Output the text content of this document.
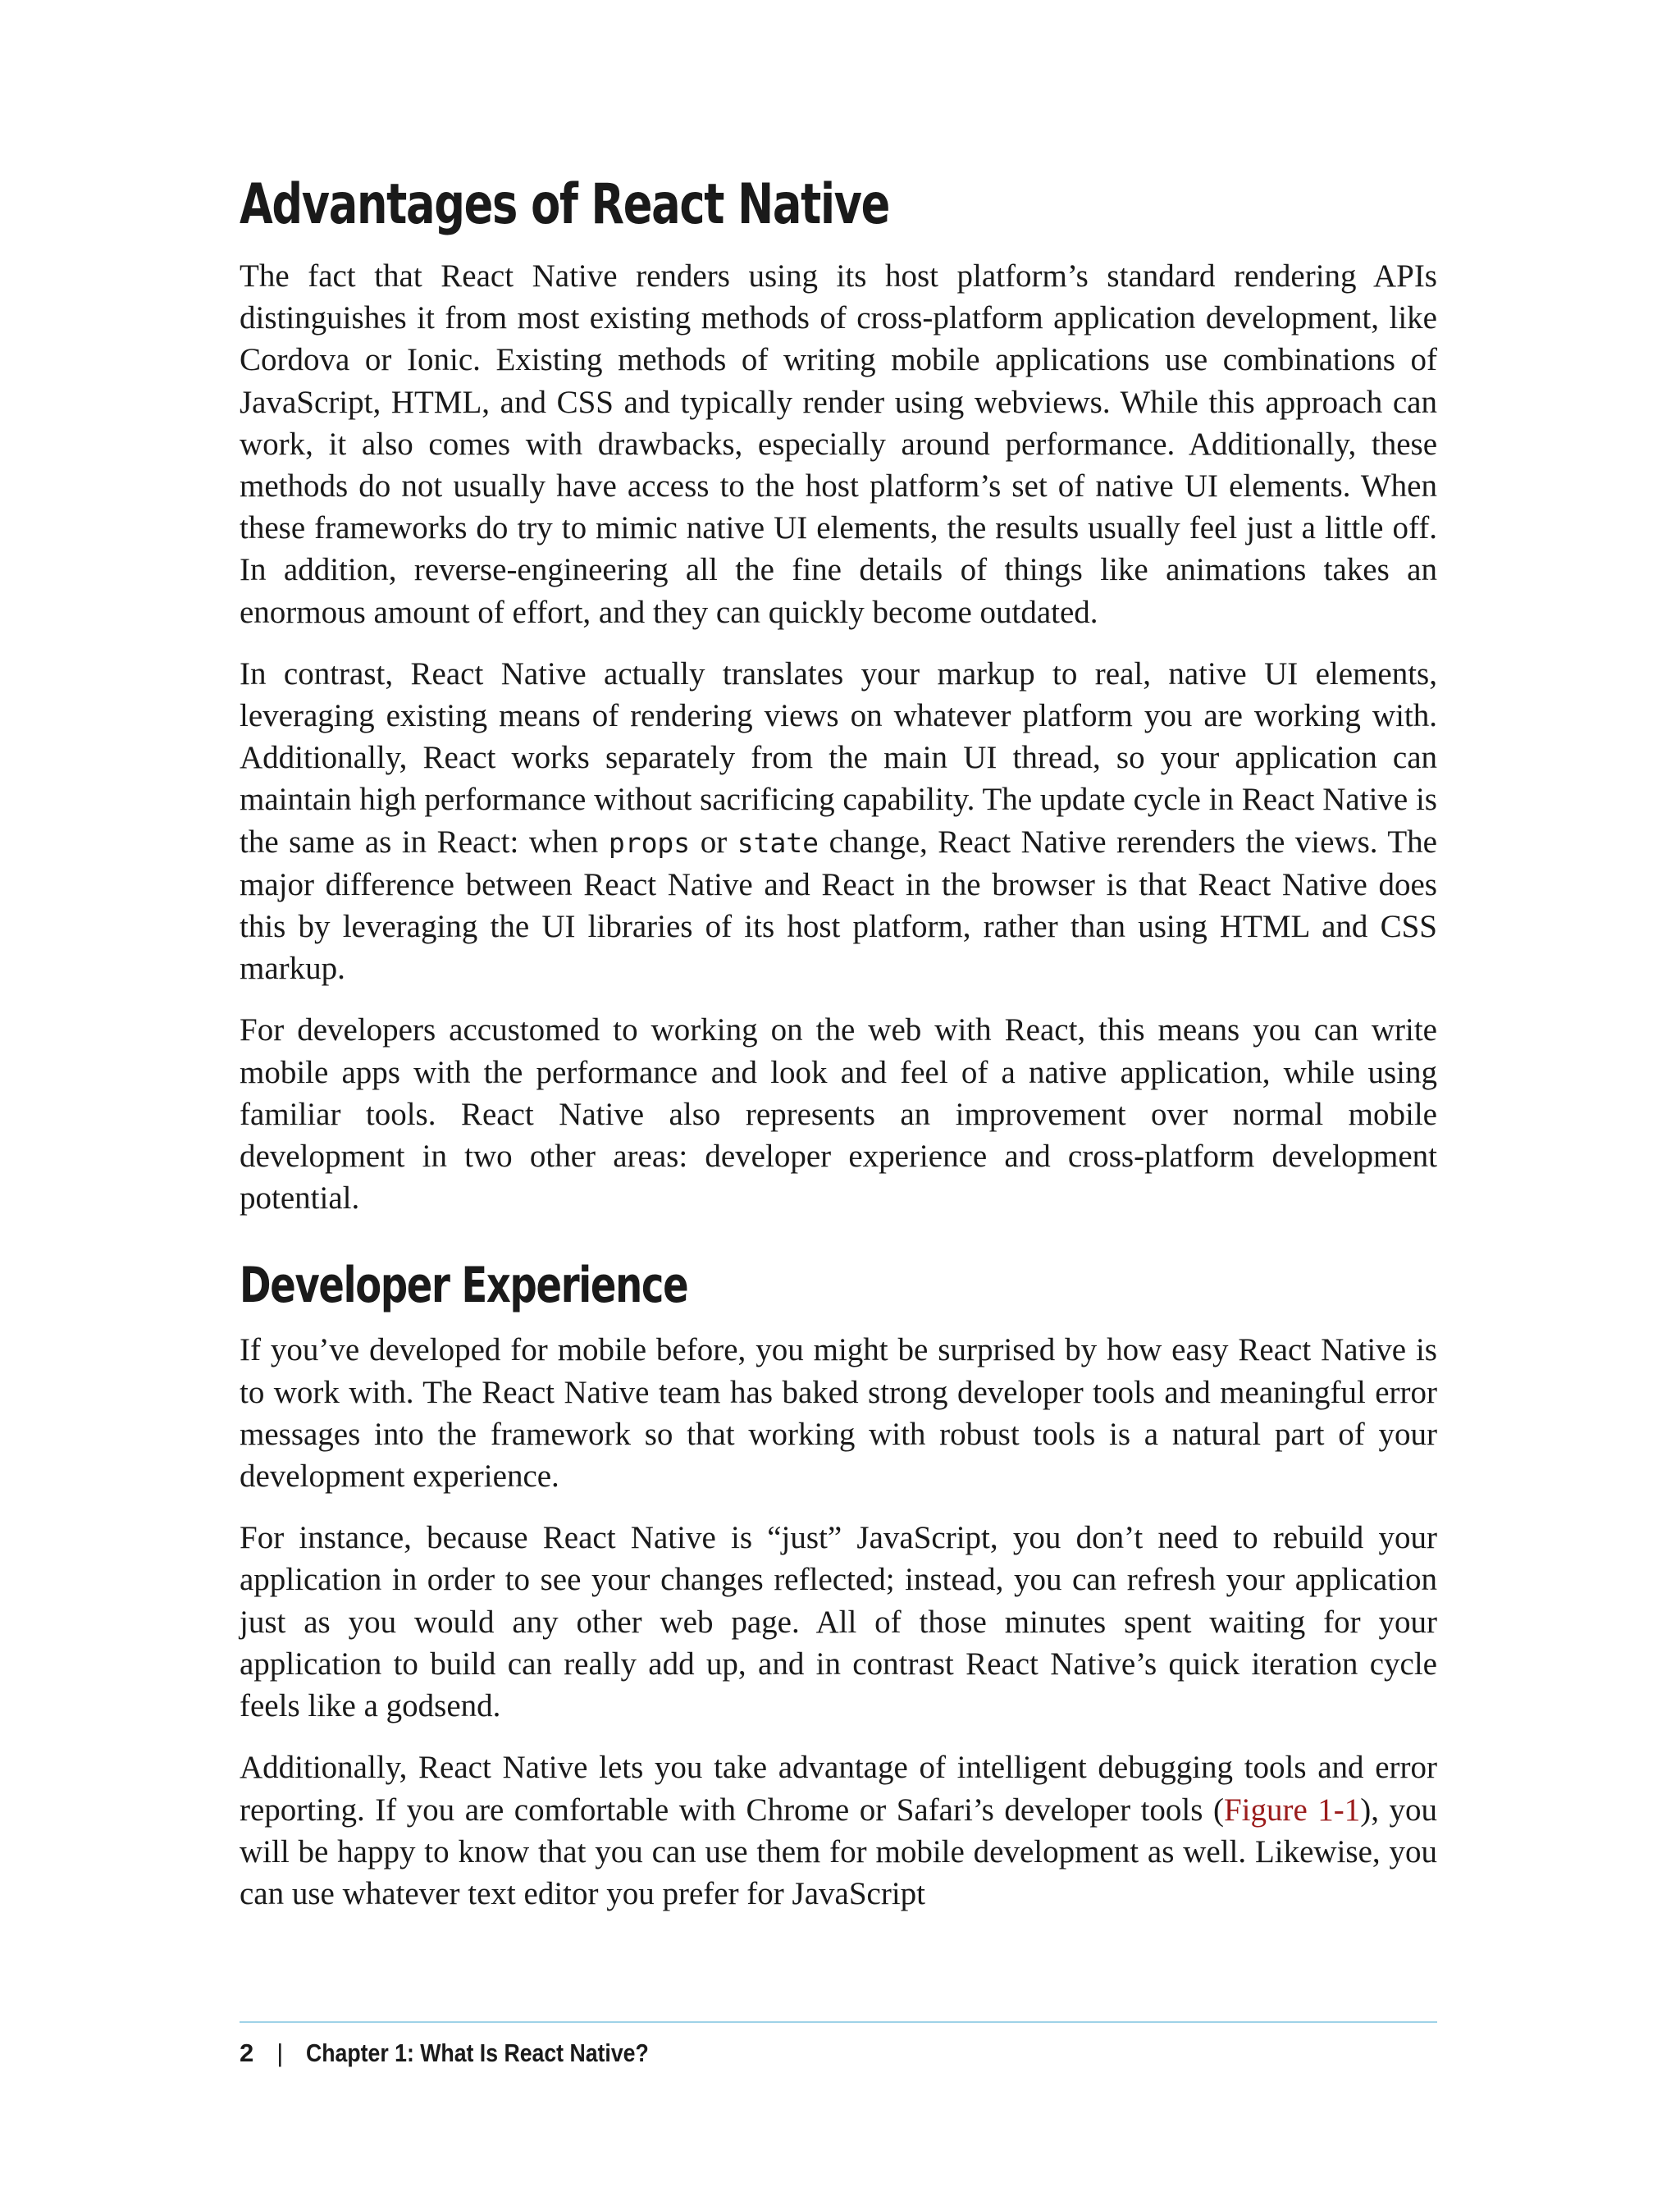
Advantages of React Native

The fact that React Native renders using its host platform’s standard rendering APIs distinguishes it from most existing methods of cross-platform application development, like Cordova or Ionic. Existing methods of writing mobile applications use combinations of JavaScript, HTML, and CSS and typically render using webviews. While this approach can work, it also comes with drawbacks, especially around performance. Additionally, these methods do not usually have access to the host platform’s set of native UI elements. When these frameworks do try to mimic native UI elements, the results usually feel just a little off. In addition, reverse-engineering all the fine details of things like animations takes an enormous amount of effort, and they can quickly become outdated.

In contrast, React Native actually translates your markup to real, native UI elements, leveraging existing means of rendering views on whatever platform you are working with. Additionally, React works separately from the main UI thread, so your application can maintain high performance without sacrificing capability. The update cycle in React Native is the same as in React: when props or state change, React Native rerenders the views. The major difference between React Native and React in the browser is that React Native does this by leveraging the UI libraries of its host platform, rather than using HTML and CSS markup.

For developers accustomed to working on the web with React, this means you can write mobile apps with the performance and look and feel of a native application, while using familiar tools. React Native also represents an improvement over normal mobile development in two other areas: developer experience and cross-platform development potential.

Developer Experience

If you’ve developed for mobile before, you might be surprised by how easy React Native is to work with. The React Native team has baked strong developer tools and meaningful error messages into the framework so that working with robust tools is a natural part of your development experience.

For instance, because React Native is “just” JavaScript, you don’t need to rebuild your application in order to see your changes reflected; instead, you can refresh your application just as you would any other web page. All of those minutes spent waiting for your application to build can really add up, and in contrast React Native’s quick iteration cycle feels like a godsend.

Additionally, React Native lets you take advantage of intelligent debugging tools and error reporting. If you are comfortable with Chrome or Safari’s developer tools (Figure 1-1), you will be happy to know that you can use them for mobile development as well. Likewise, you can use whatever text editor you prefer for JavaScript

2 | Chapter 1: What Is React Native?
